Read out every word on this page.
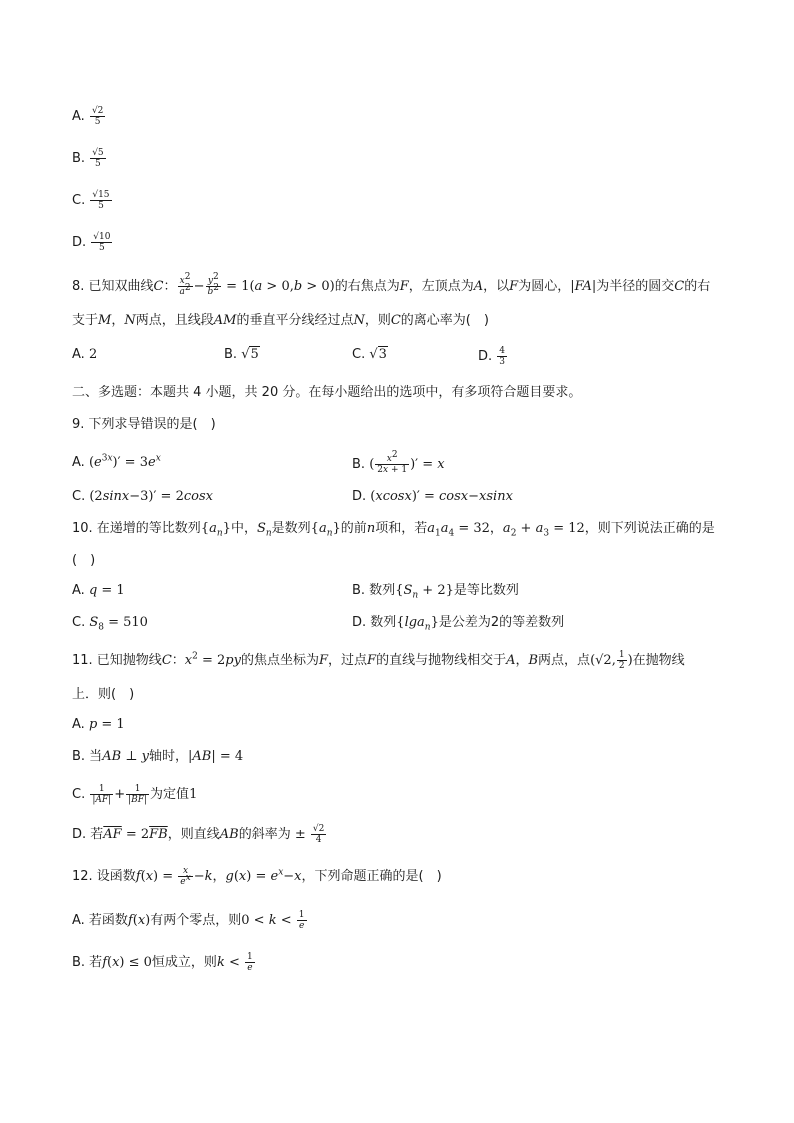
A. $\frac{√2}{5}$
B. $\frac{√5}{5}$
C. $\frac{√15}{5}$
D. $\frac{√10}{5}$
8. 已知双曲线C： $\frac{x^2}{a^2} - \frac{y^2}{b^2} = 1(a > 0,b > 0)$的右焦点为F，左顶点为A，以F为圆心，|FA|为半径的圆交C的右
支于M，N两点，且线段AM的垂直平分线经过点N，则C的离心率为(　)
A. 2	B. √5	C. √3	D. $\frac{4}{3}$
二、多选题：本题共 4 小题，共 20 分。在每小题给出的选项中，有多项符合题目要求。
9. 下列求导错误的是(　)
A. $(e^{3x})' = 3e^x$	B. ( $\frac{x^2}{2x + 1}$ )′ = x
C. (2sinx−3)′ = 2cosx	D. (xcosx)′ = cosx−xsinx
10. 在递增的等比数列$\{a_n\}$中，$S_n$是数列$\{a_n\}$的前n项和，若$a_1a_4 = 32$，$a_2 + a_3 = 12$，则下列说法正确的是
(　)
A. q = 1	B. 数列$\{S_n + 2\}$是等比数列
C. $S_8 = 510$	D. 数列{lga$_n$}是公差为2的等差数列
11. 已知抛物线C：$x^2 = 2py$的焦点坐标为F，过点F的直线与抛物线相交于A，B两点，点(√2, $\frac{1}{2}$ )在抛物线
上．则(　)
A. p = 1
B. 当AB ⊥ y轴时，|AB| = 4
C. $\frac{1}{|AF|} + \frac{1}{|BF|}$ 为定值1
D. 若$\overline{AF} = 2\overline{FB}$，则直线AB的斜率为 ± $\frac{√2}{4}$
12. 设函数$f(x) = \frac{x}{e^x} -k$，$g(x) = e^x-x$，下列命题正确的是(　)
A. 若函数f(x)有两个零点，则$0 < k < \frac{1}{e}$
B. 若f(x) ≤ 0恒成立，则$k < \frac{1}{e}$
